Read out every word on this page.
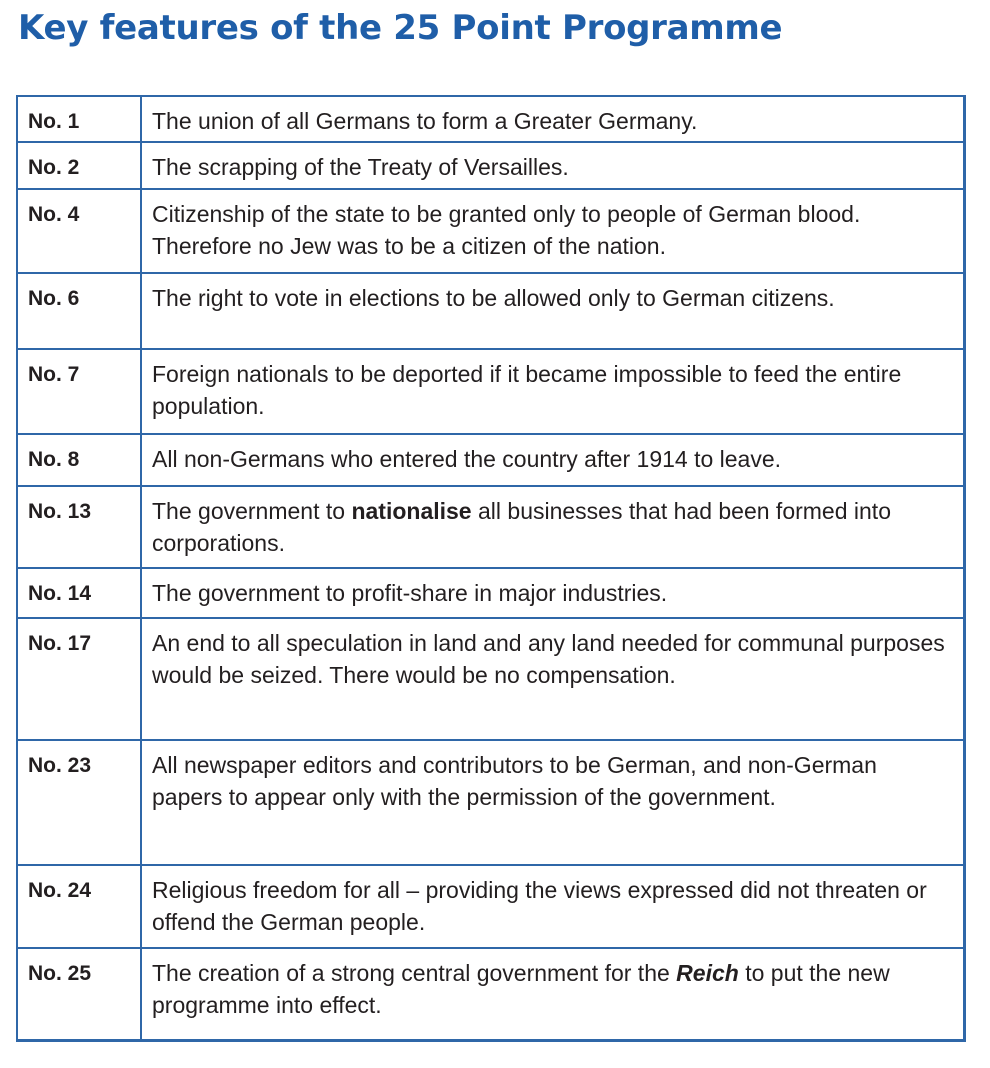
Key features of the 25 Point Programme
No. 1	The union of all Germans to form a Greater Germany.
No. 2	The scrapping of the Treaty of Versailles.
No. 4	Citizenship of the state to be granted only to people of German blood. Therefore no Jew was to be a citizen of the nation.
No. 6	The right to vote in elections to be allowed only to German citizens.
No. 7	Foreign nationals to be deported if it became impossible to feed the entire population.
No. 8	All non-Germans who entered the country after 1914 to leave.
No. 13	The government to nationalise all businesses that had been formed into corporations.
No. 14	The government to profit-share in major industries.
No. 17	An end to all speculation in land and any land needed for communal purposes would be seized. There would be no compensation.
No. 23	All newspaper editors and contributors to be German, and non-German papers to appear only with the permission of the government.
No. 24	Religious freedom for all – providing the views expressed did not threaten or offend the German people.
No. 25	The creation of a strong central government for the Reich to put the new programme into effect.
